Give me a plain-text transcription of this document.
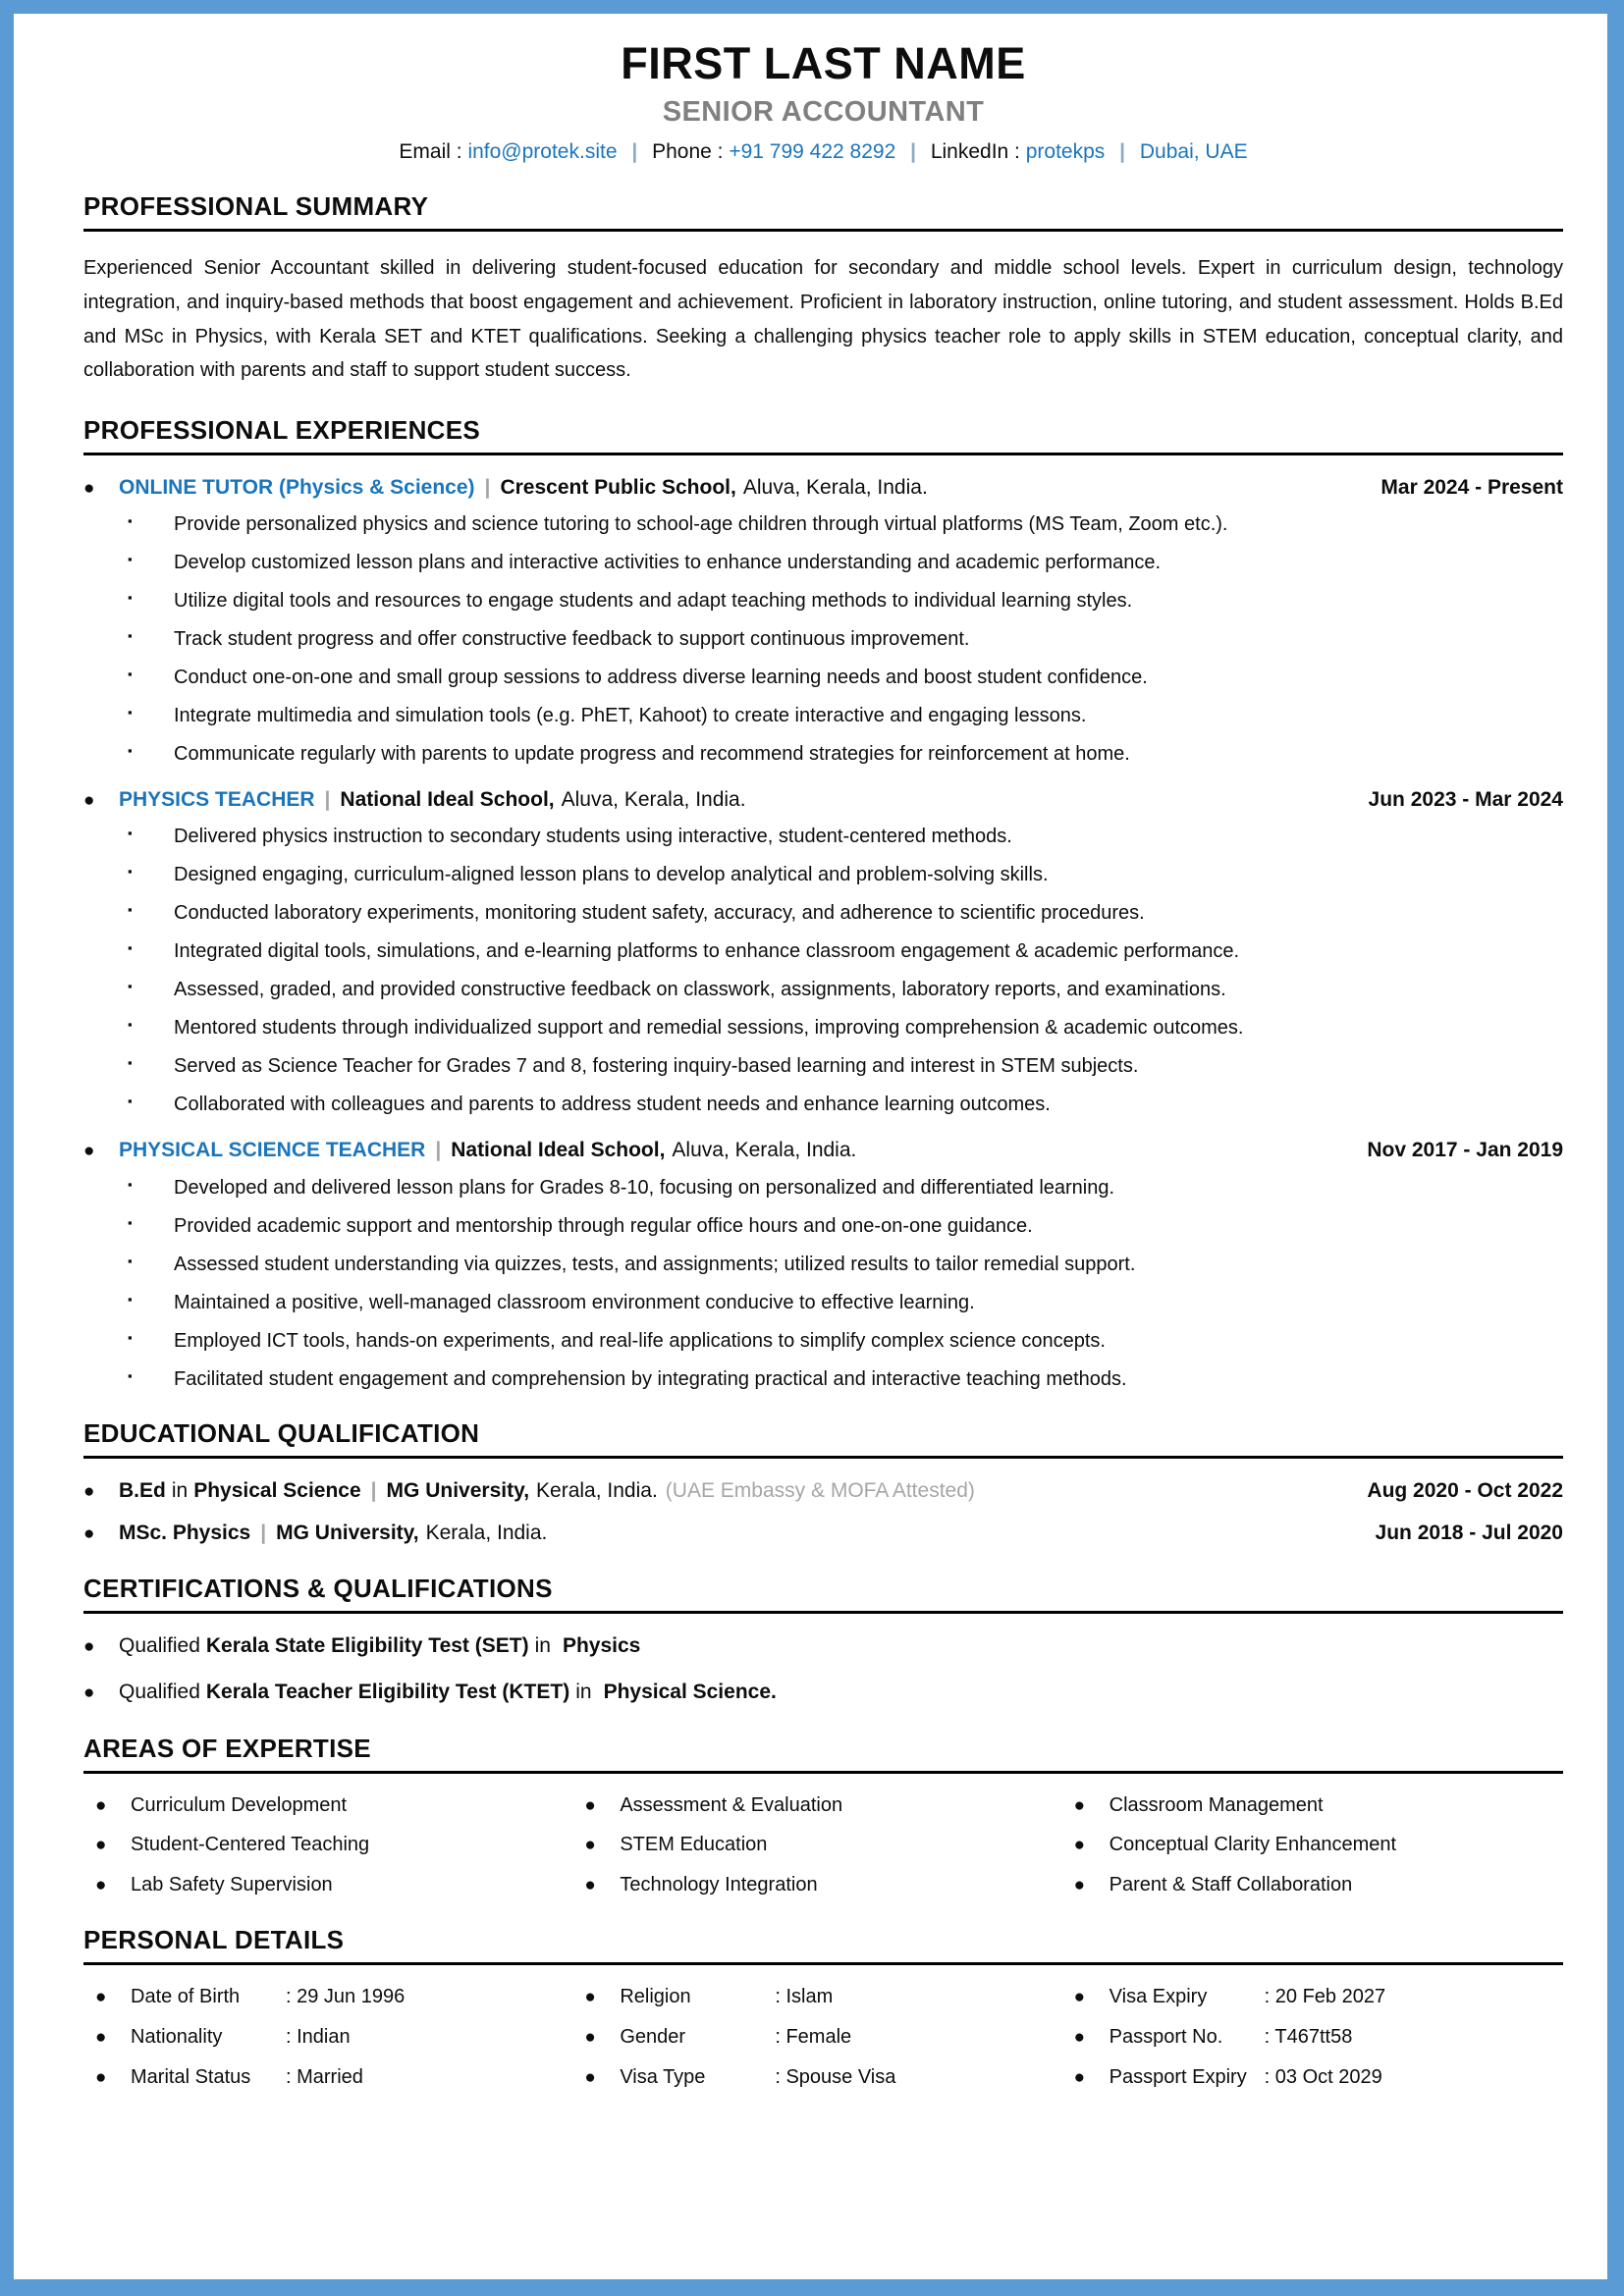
FIRST LAST NAME
SENIOR ACCOUNTANT
Email : info@protek.site | Phone : +91 799 422 8292 | LinkedIn : protekps | Dubai, UAE
PROFESSIONAL SUMMARY

Experienced Senior Accountant skilled in delivering student-focused education for secondary and middle school levels. Expert in curriculum design, technology integration, and inquiry-based methods that boost engagement and achievement. Proficient in laboratory instruction, online tutoring, and student assessment. Holds B.Ed and MSc in Physics, with Kerala SET and KTET qualifications. Seeking a challenging physics teacher role to apply skills in STEM education, conceptual clarity, and collaboration with parents and staff to support student success.

PROFESSIONAL EXPERIENCES
●	ONLINE TUTOR (Physics & Science) | Crescent Public School, Aluva, Kerala, India.	Mar 2024 - Present
▪	Provide personalized physics and science tutoring to school-age children through virtual platforms (MS Team, Zoom etc.).
▪	Develop customized lesson plans and interactive activities to enhance understanding and academic performance.
▪	Utilize digital tools and resources to engage students and adapt teaching methods to individual learning styles.
▪	Track student progress and offer constructive feedback to support continuous improvement.
▪	Conduct one-on-one and small group sessions to address diverse learning needs and boost student confidence.
▪	Integrate multimedia and simulation tools (e.g. PhET, Kahoot) to create interactive and engaging lessons.
▪	Communicate regularly with parents to update progress and recommend strategies for reinforcement at home.
●	PHYSICS TEACHER | National Ideal School, Aluva, Kerala, India.	Jun 2023 - Mar 2024
▪	Delivered physics instruction to secondary students using interactive, student-centered methods.
▪	Designed engaging, curriculum-aligned lesson plans to develop analytical and problem-solving skills.
▪	Conducted laboratory experiments, monitoring student safety, accuracy, and adherence to scientific procedures.
▪	Integrated digital tools, simulations, and e-learning platforms to enhance classroom engagement & academic performance.
▪	Assessed, graded, and provided constructive feedback on classwork, assignments, laboratory reports, and examinations.
▪	Mentored students through individualized support and remedial sessions, improving comprehension & academic outcomes.
▪	Served as Science Teacher for Grades 7 and 8, fostering inquiry-based learning and interest in STEM subjects.
▪	Collaborated with colleagues and parents to address student needs and enhance learning outcomes.
●	PHYSICAL SCIENCE TEACHER | National Ideal School, Aluva, Kerala, India.	Nov 2017 - Jan 2019
▪	Developed and delivered lesson plans for Grades 8-10, focusing on personalized and differentiated learning.
▪	Provided academic support and mentorship through regular office hours and one-on-one guidance.
▪	Assessed student understanding via quizzes, tests, and assignments; utilized results to tailor remedial support.
▪	Maintained a positive, well-managed classroom environment conducive to effective learning.
▪	Employed ICT tools, hands-on experiments, and real-life applications to simplify complex science concepts.
▪	Facilitated student engagement and comprehension by integrating practical and interactive teaching methods.
EDUCATIONAL QUALIFICATION
●	B.Ed in Physical Science | MG University, Kerala, India. (UAE Embassy & MOFA Attested)	Aug 2020 - Oct 2022
●	MSc. Physics | MG University, Kerala, India.	Jun 2018 - Jul 2020
CERTIFICATIONS & QUALIFICATIONS
●	Qualified Kerala State Eligibility Test (SET) in Physics
●	Qualified Kerala Teacher Eligibility Test (KTET) in Physical Science.
AREAS OF EXPERTISE
●	Curriculum Development	●	Assessment & Evaluation	●	Classroom Management
●	Student-Centered Teaching	●	STEM Education	●	Conceptual Clarity Enhancement
●	Lab Safety Supervision	●	Technology Integration	●	Parent & Staff Collaboration
PERSONAL DETAILS
●	Date of Birth	: 29 Jun 1996	●	Religion	: Islam	●	Visa Expiry	: 20 Feb 2027
●	Nationality	: Indian	●	Gender	: Female	●	Passport No.	: T467tt58
●	Marital Status	: Married	●	Visa Type	: Spouse Visa	●	Passport Expiry : 03 Oct 2029
